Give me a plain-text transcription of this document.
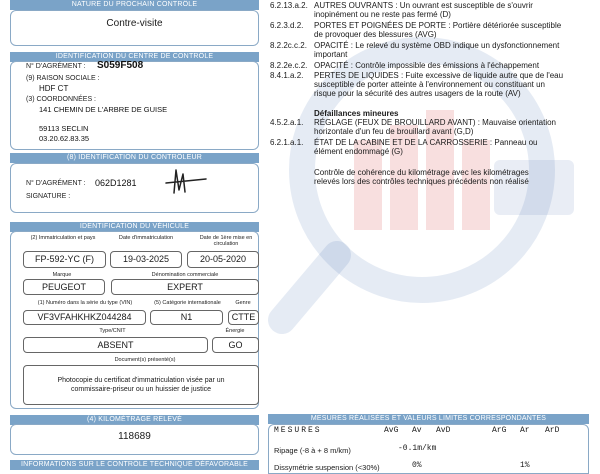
NATURE DU PROCHAIN CONTRÔLE
Contre-visite
IDENTIFICATION DU CENTRE DE CONTRÔLE
N° D'AGRÉMENT : S059F508
(9) RAISON SOCIALE :
HDF CT
(3) COORDONNÉES :
141 CHEMIN DE L'ARBRE DE GUISE
59113 SECLIN
03.20.62.83.35
(8) IDENTIFICATION DU CONTRÔLEUR
N° D'AGRÉMENT : 062D1281
SIGNATURE :
IDENTIFICATION DU VÉHICULE
(2) Immatriculation et pays	Date d'immatriculation	Date de 1ère mise en circulation
FP-592-YC (F)	19-03-2025	20-05-2020
Marque	Dénomination commerciale
PEUGEOT	EXPERT
(1) Numéro dans la série du type (VIN)	(5) Catégorie internationale	Genre
VF3VFAHKHKZ044284	N1	CTTE
Type/CNIT	Énergie
ABSENT	GO
Document(s) présenté(s)
Photocopie du certificat d'immatriculation visée par un
commissaire-priseur ou un huissier de justice
(4) KILOMÉTRAGE RELEVÉ
118689
INFORMATIONS SUR LE CONTRÔLE TECHNIQUE DÉFAVORABLE
6.2.13.a.2. AUTRES OUVRANTS : Un ouvrant est susceptible de s'ouvrir inopinément ou ne reste pas fermé (D)
6.2.3.d.2.	PORTES ET POIGNÉES DE PORTE : Portière détériorée susceptible de provoquer des blessures (AVG)
8.2.2c.c.2. OPACITÉ : Le relevé du système OBD indique un dysfonctionnement important
8.2.2e.c.2. OPACITÉ : Contrôle impossible des émissions à l'échappement
8.4.1.a.2.	PERTES DE LIQUIDES : Fuite excessive de liquide autre que de l'eau susceptible de porter atteinte à l'environnement ou constituant un risque pour la sécurité des autres usagers de la route (AV)
Défaillances mineures
4.5.2.a.1.	RÉGLAGE (FEUX DE BROUILLARD AVANT) : Mauvaise orientation horizontale d'un feu de brouillard avant (G,D)
6.2.1.a.1.	ÉTAT DE LA CABINE ET DE LA CARROSSERIE : Panneau ou élément endommagé (G)
Contrôle de cohérence du kilométrage avec les kilométrages relevés lors des contrôles techniques précédents non réalisé
MESURES RÉALISÉES ET VALEURS LIMITES CORRESPONDANTES
MESURES	AvG Av AvD	ArG Ar ArD
Ripage (-8 à + 8 m/km)	-0.1m/km
Dissymétrie suspension (<30%)	0%	1%
